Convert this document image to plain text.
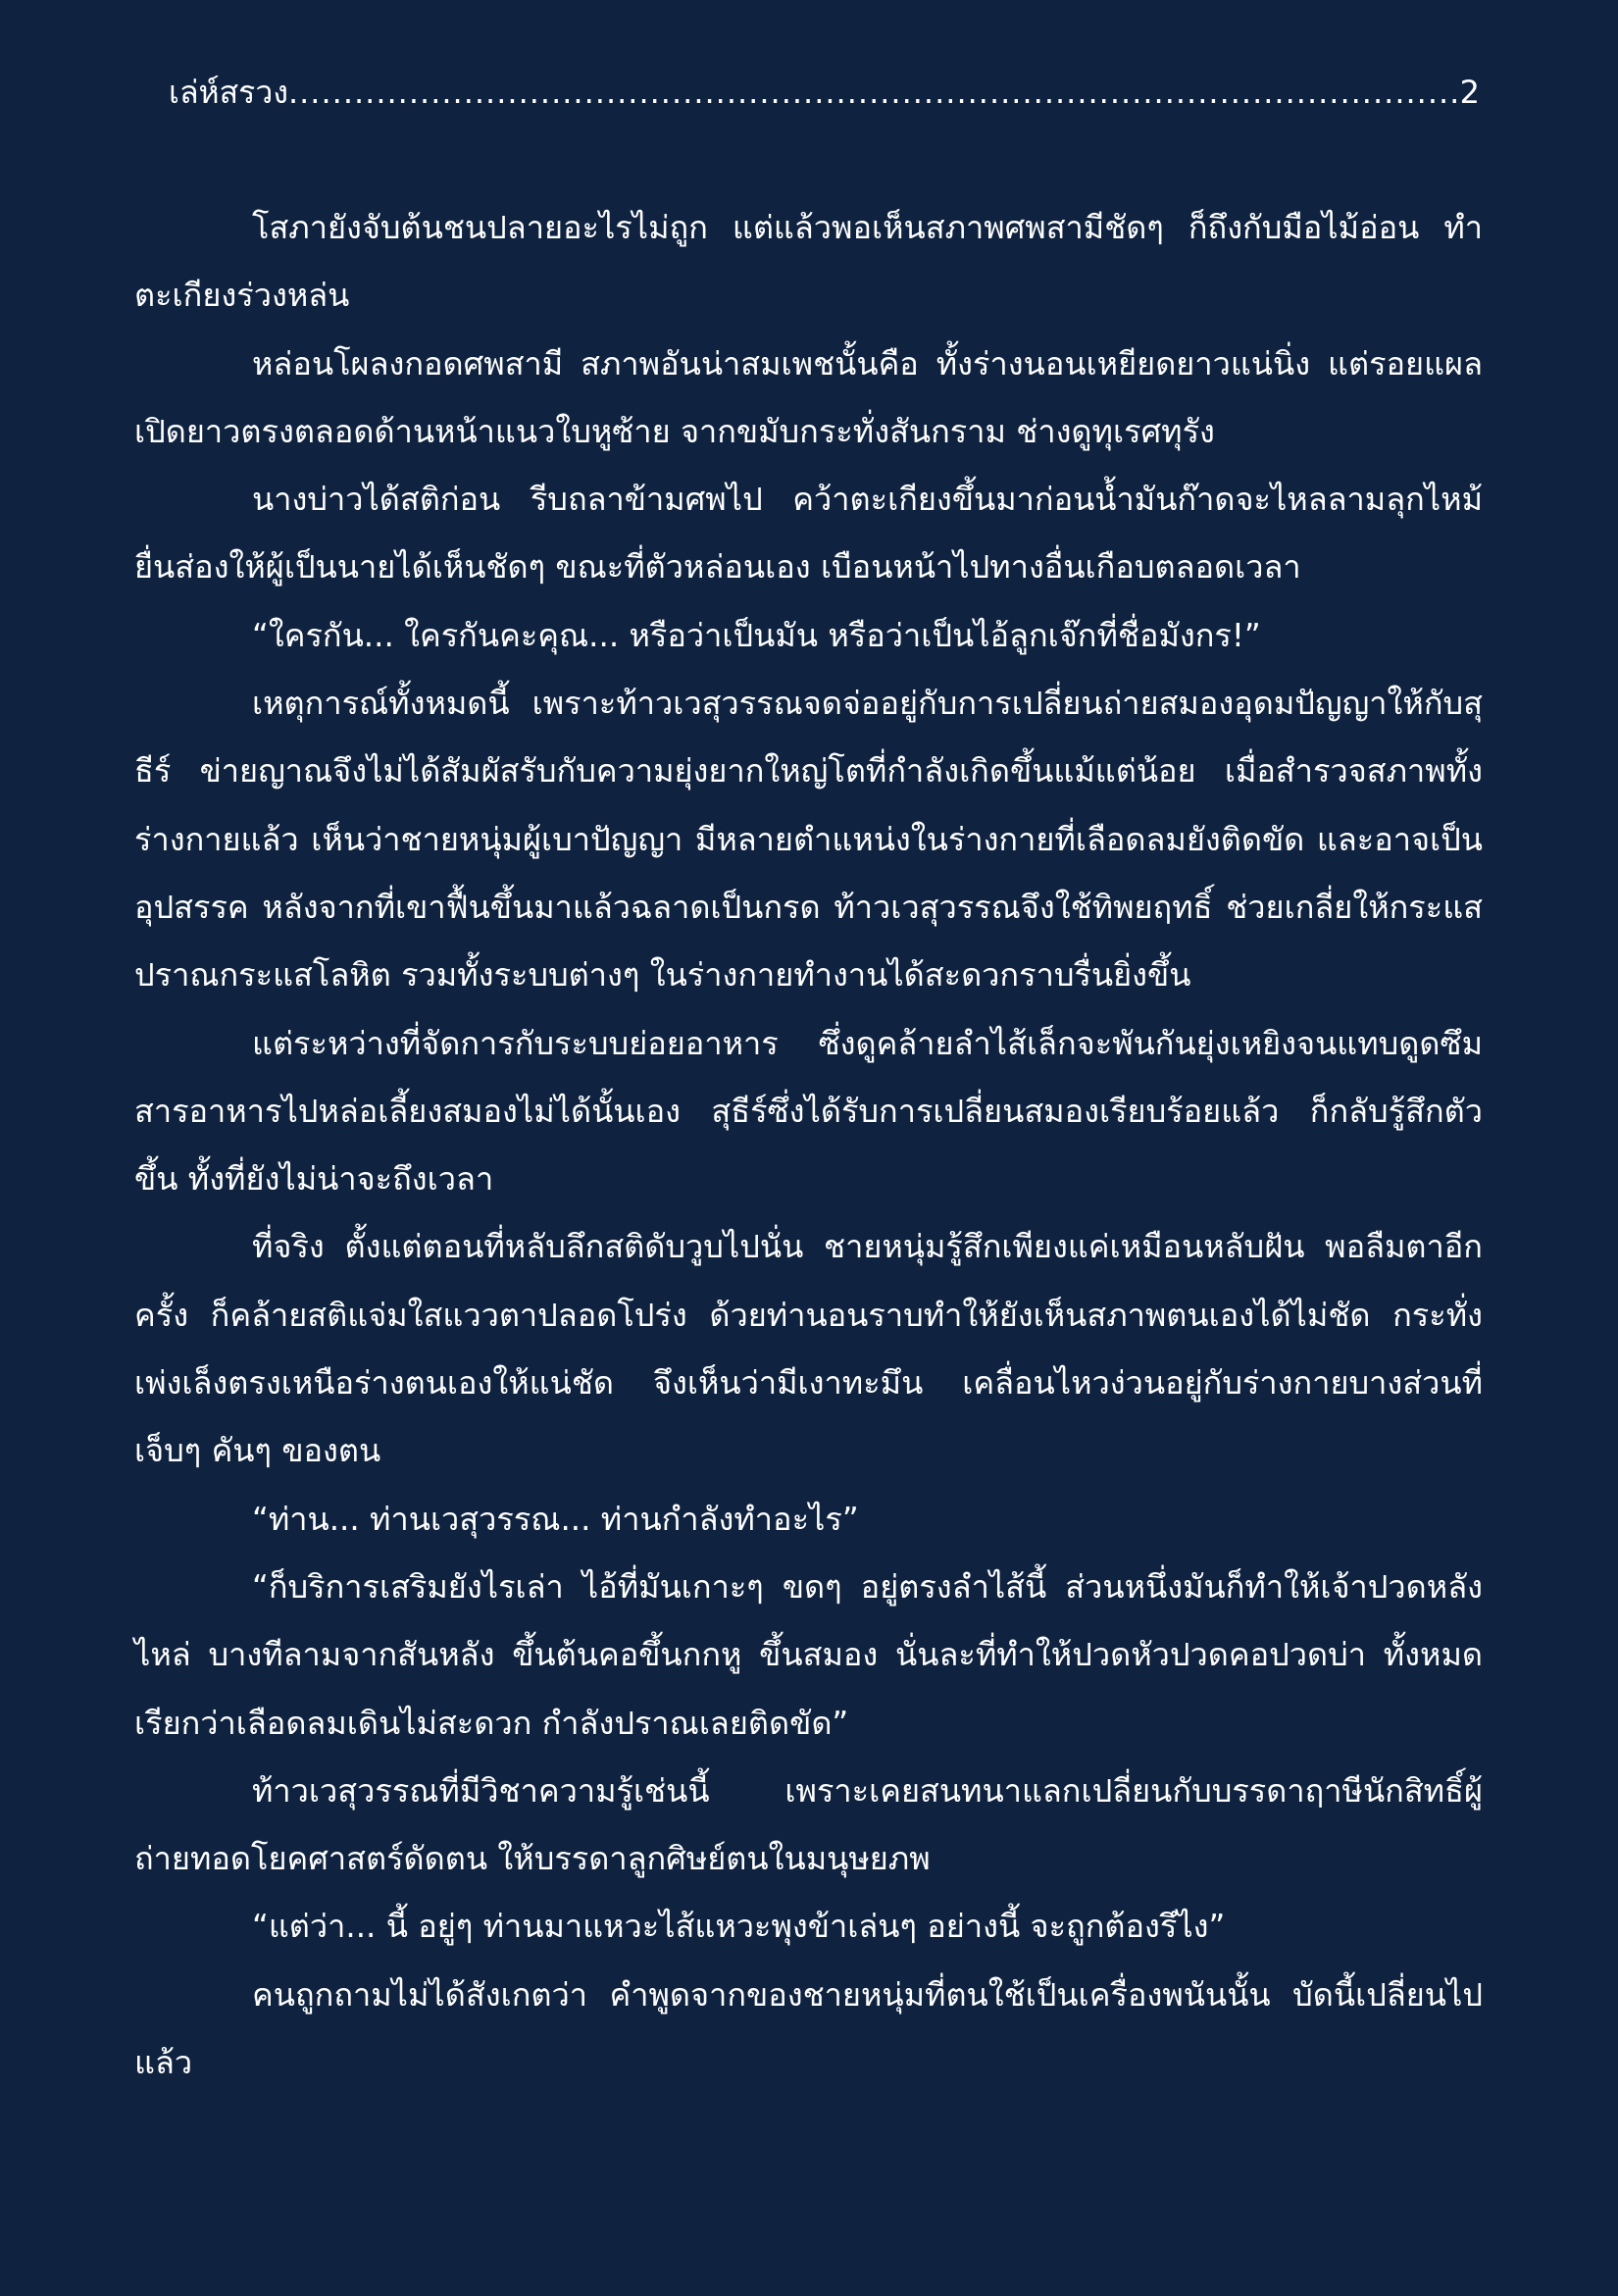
เล่ห์สรวง
.....	2

โสภายังจับต้นชนปลายอะไรไม่ถูก แต่แล้วพอเห็นสภาพศพสามีชัดๆ ก็ถึงกับมือไม้อ่อน ทำตะเกียงร่วงหล่น

หล่อนโผลงกอดศพสามี สภาพอันน่าสมเพชนั้นคือ ทั้งร่างนอนเหยียดยาวแน่นิ่ง แต่รอยแผลเปิดยาวตรงตลอดด้านหน้าแนวใบหูซ้าย จากขมับกระทั่งสันกราม ช่างดูทุเรศทุรัง

นางบ่าวได้สติก่อน รีบถลาข้ามศพไป คว้าตะเกียงขึ้นมาก่อนน้ำมันก๊าดจะไหลลามลุกไหม้ ยื่นส่องให้ผู้เป็นนายได้เห็นชัดๆ ขณะที่ตัวหล่อนเอง เบือนหน้าไปทางอื่นเกือบตลอดเวลา

“ใครกัน... ใครกันคะคุณ... หรือว่าเป็นมัน หรือว่าเป็นไอ้ลูกเจ๊กที่ชื่อมังกร!”

เหตุการณ์ทั้งหมดนี้ เพราะท้าวเวสุวรรณจดจ่ออยู่กับการเปลี่ยนถ่ายสมองอุดมปัญญาให้กับสุธีร์ ข่ายญาณจึงไม่ได้สัมผัสรับกับความยุ่งยากใหญ่โตที่กำลังเกิดขึ้นแม้แต่น้อย เมื่อสำรวจสภาพทั้งร่างกายแล้ว เห็นว่าชายหนุ่มผู้เบาปัญญา มีหลายตำแหน่งในร่างกายที่เลือดลมยังติดขัด และอาจเป็นอุปสรรค หลังจากที่เขาฟื้นขึ้นมาแล้วฉลาดเป็นกรด ท้าวเวสุวรรณจึงใช้ทิพยฤทธิ์ ช่วยเกลี่ยให้กระแสปราณกระแสโลหิต รวมทั้งระบบต่างๆ ในร่างกายทำงานได้สะดวกราบรื่นยิ่งขึ้น

แต่ระหว่างที่จัดการกับระบบย่อยอาหาร ซึ่งดูคล้ายลำไส้เล็กจะพันกันยุ่งเหยิงจนแทบดูดซึมสารอาหารไปหล่อเลี้ยงสมองไม่ได้นั้นเอง สุธีร์ซึ่งได้รับการเปลี่ยนสมองเรียบร้อยแล้ว ก็กลับรู้สึกตัวขึ้น ทั้งที่ยังไม่น่าจะถึงเวลา

ที่จริง ตั้งแต่ตอนที่หลับลึกสติดับวูบไปนั่น ชายหนุ่มรู้สึกเพียงแค่เหมือนหลับฝัน พอลืมตาอีกครั้ง ก็คล้ายสติแจ่มใสแววตาปลอดโปร่ง ด้วยท่านอนราบทำให้ยังเห็นสภาพตนเองได้ไม่ชัด กระทั่งเพ่งเล็งตรงเหนือร่างตนเองให้แน่ชัด จึงเห็นว่ามีเงาทะมึน เคลื่อนไหวง่วนอยู่กับร่างกายบางส่วนที่เจ็บๆ คันๆ ของตน

“ท่าน... ท่านเวสุวรรณ... ท่านกำลังทำอะไร”

“ก็บริการเสริมยังไรเล่า ไอ้ที่มันเกาะๆ ขดๆ อยู่ตรงลำไส้นี้ ส่วนหนึ่งมันก็ทำให้เจ้าปวดหลังไหล่ บางทีลามจากสันหลัง ขึ้นต้นคอขึ้นกกหู ขึ้นสมอง นั่นละที่ทำให้ปวดหัวปวดคอปวดบ่า ทั้งหมดเรียกว่าเลือดลมเดินไม่สะดวก กำลังปราณเลยติดขัด”

ท้าวเวสุวรรณที่มีวิชาความรู้เช่นนี้ เพราะเคยสนทนาแลกเปลี่ยนกับบรรดาฤาษีนักสิทธิ์ผู้ถ่ายทอดโยคศาสตร์ดัดตน ให้บรรดาลูกศิษย์ตนในมนุษยภพ

“แต่ว่า... นี้ อยู่ๆ ท่านมาแหวะไส้แหวะพุงข้าเล่นๆ อย่างนี้ จะถูกต้องรึไง”

คนถูกถามไม่ได้สังเกตว่า คำพูดจากของชายหนุ่มที่ตนใช้เป็นเครื่องพนันนั้น บัดนี้เปลี่ยนไปแล้ว
